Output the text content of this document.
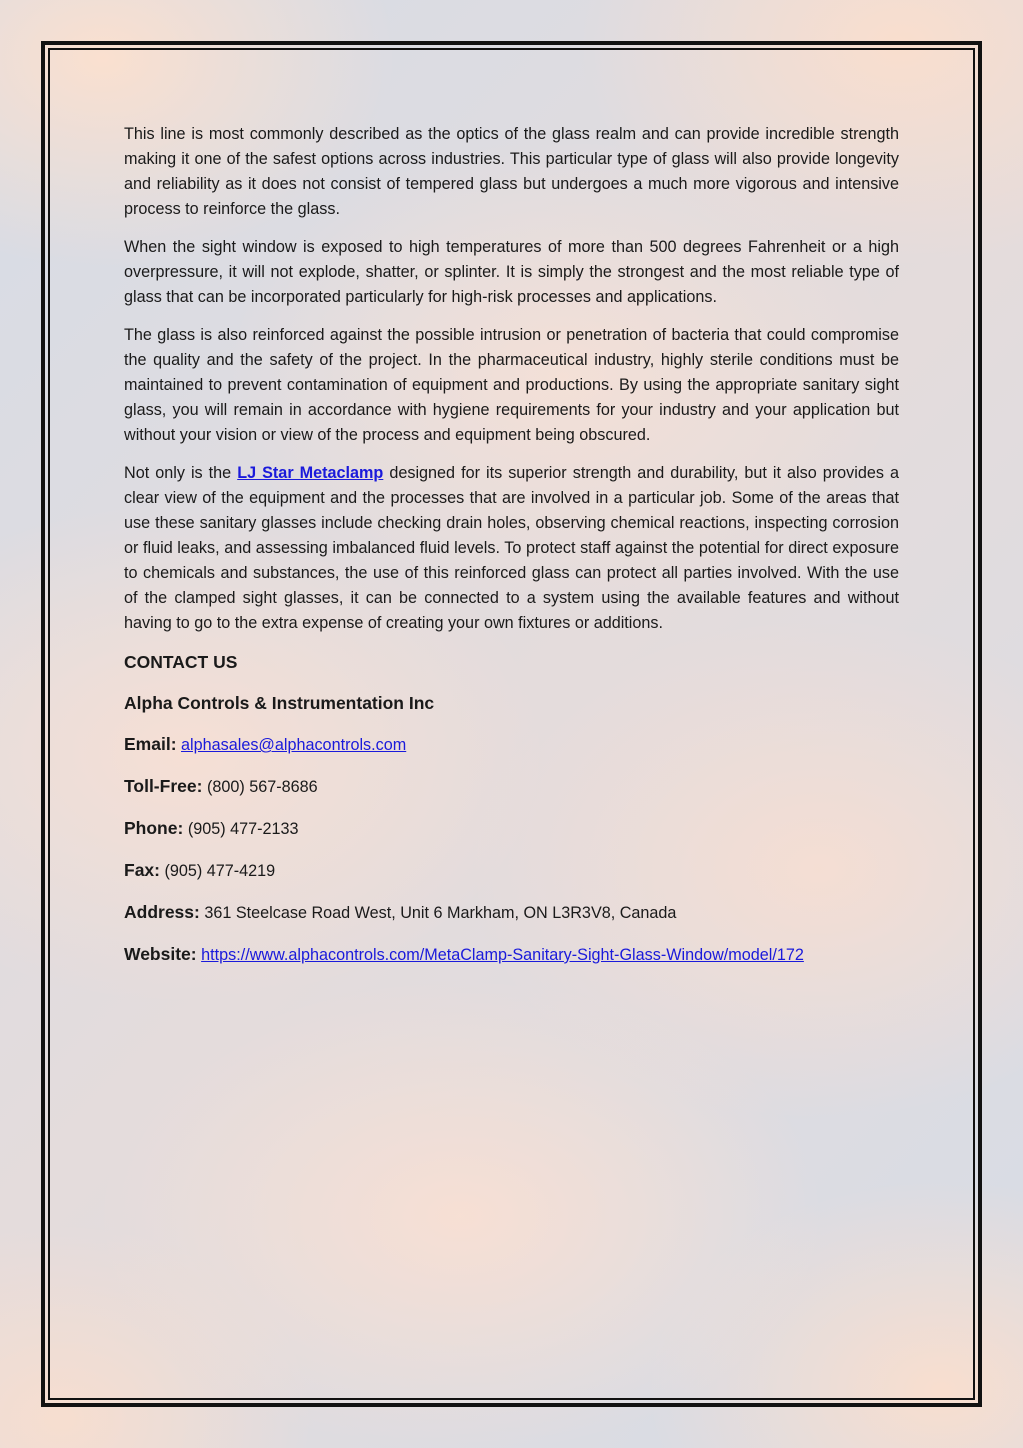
This line is most commonly described as the optics of the glass realm and can provide incredible strength making it one of the safest options across industries. This particular type of glass will also provide longevity and reliability as it does not consist of tempered glass but undergoes a much more vigorous and intensive process to reinforce the glass.

When the sight window is exposed to high temperatures of more than 500 degrees Fahrenheit or a high overpressure, it will not explode, shatter, or splinter. It is simply the strongest and the most reliable type of glass that can be incorporated particularly for high-risk processes and applications.

The glass is also reinforced against the possible intrusion or penetration of bacteria that could compromise the quality and the safety of the project. In the pharmaceutical industry, highly sterile conditions must be maintained to prevent contamination of equipment and productions. By using the appropriate sanitary sight glass, you will remain in accordance with hygiene requirements for your industry and your application but without your vision or view of the process and equipment being obscured.

Not only is the LJ Star Metaclamp designed for its superior strength and durability, but it also provides a clear view of the equipment and the processes that are involved in a particular job. Some of the areas that use these sanitary glasses include checking drain holes, observing chemical reactions, inspecting corrosion or fluid leaks, and assessing imbalanced fluid levels. To protect staff against the potential for direct exposure to chemicals and substances, the use of this reinforced glass can protect all parties involved. With the use of the clamped sight glasses, it can be connected to a system using the available features and without having to go to the extra expense of creating your own fixtures or additions.

CONTACT US
Alpha Controls & Instrumentation Inc
Email: alphasales@alphacontrols.com
Toll-Free: (800) 567-8686
Phone: (905) 477-2133
Fax: (905) 477-4219
Address: 361 Steelcase Road West, Unit 6 Markham, ON L3R3V8, Canada
Website: https://www.alphacontrols.com/MetaClamp-Sanitary-Sight-Glass-Window/model/172
